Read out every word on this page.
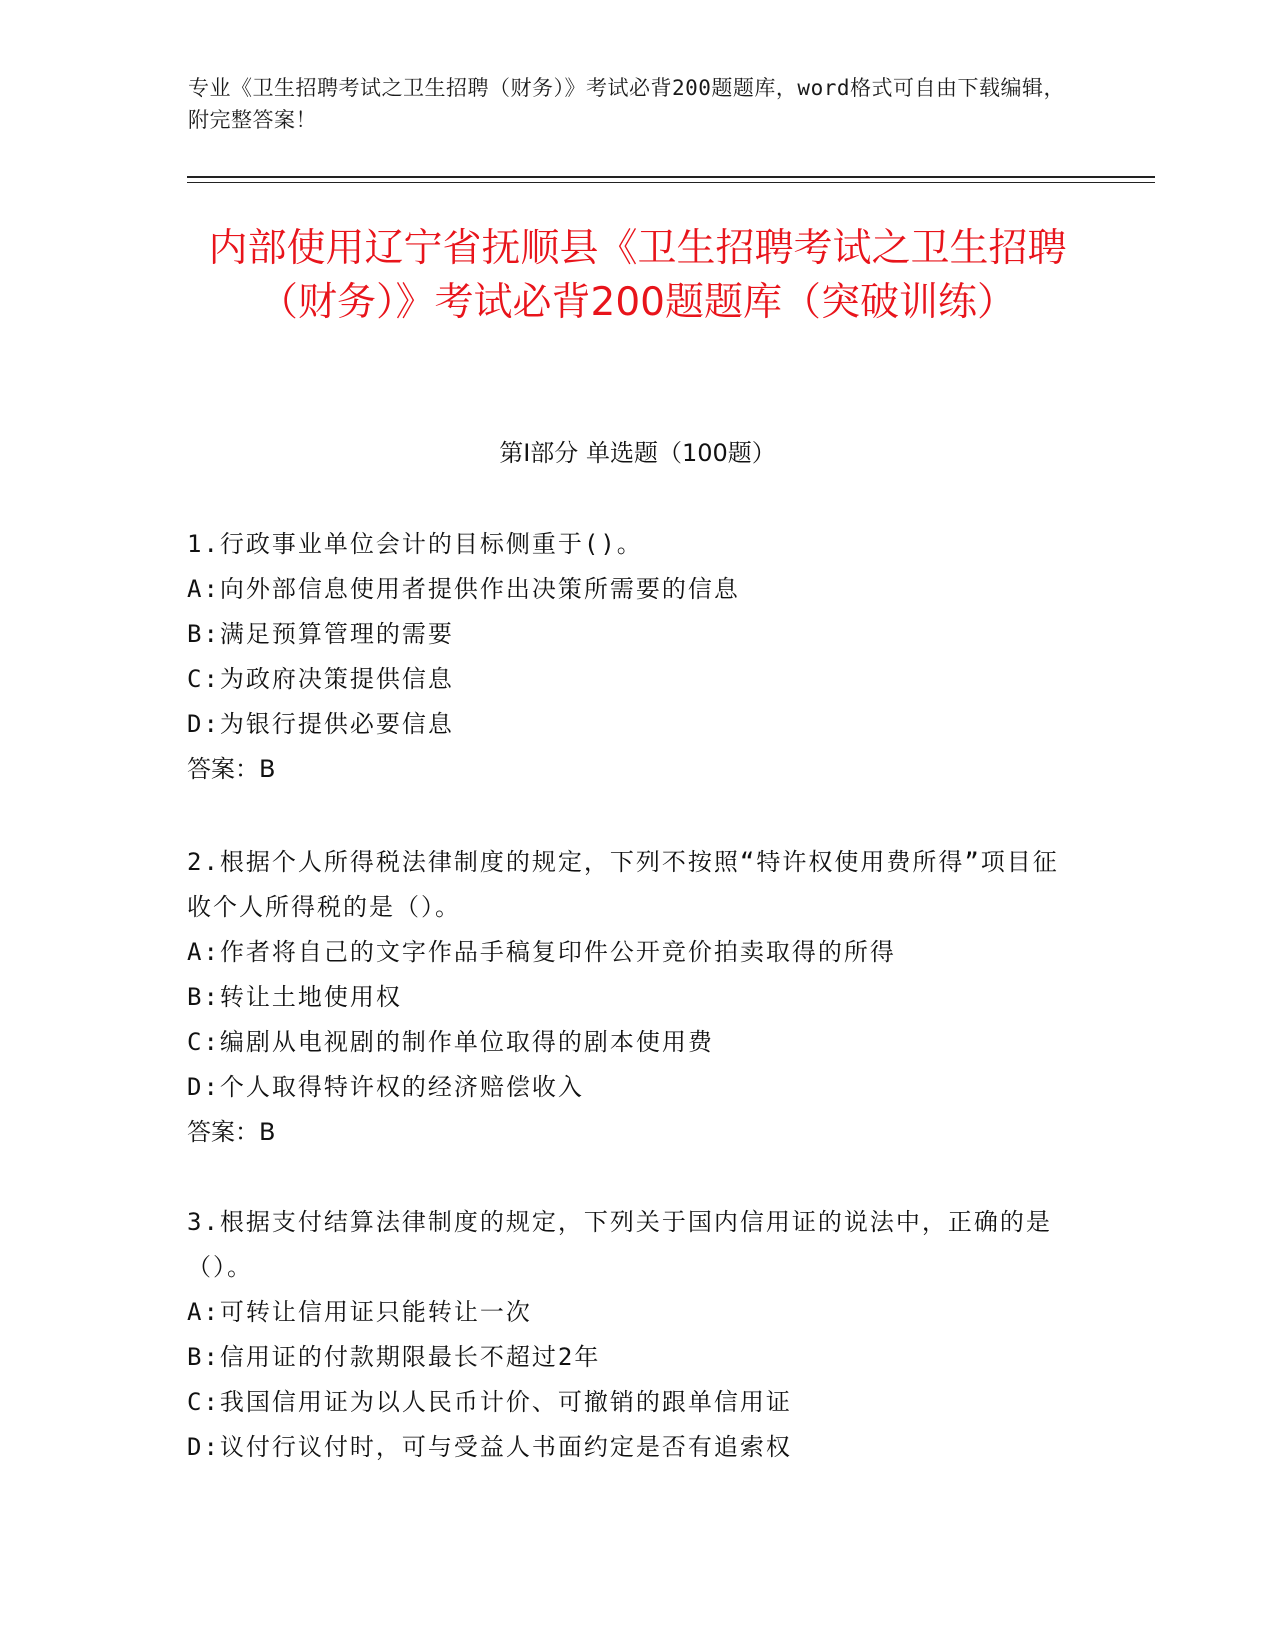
专业《卫生招聘考试之卫生招聘（财务）》考试必背200题题库，word格式可自由下载编辑，附完整答案！
内部使用辽宁省抚顺县《卫生招聘考试之卫生招聘（财务）》考试必背200题题库（突破训练）
第I部分 单选题（100题）
1.行政事业单位会计的目标侧重于()。
A:向外部信息使用者提供作出决策所需要的信息
B:满足预算管理的需要
C:为政府决策提供信息
D:为银行提供必要信息
答案：B
2.根据个人所得税法律制度的规定，下列不按照“特许权使用费所得”项目征收个人所得税的是（）。
A:作者将自己的文字作品手稿复印件公开竞价拍卖取得的所得
B:转让土地使用权
C:编剧从电视剧的制作单位取得的剧本使用费
D:个人取得特许权的经济赔偿收入
答案：B
3.根据支付结算法律制度的规定，下列关于国内信用证的说法中，正确的是（）。
A:可转让信用证只能转让一次
B:信用证的付款期限最长不超过2年
C:我国信用证为以人民币计价、可撤销的跟单信用证
D:议付行议付时，可与受益人书面约定是否有追索权
